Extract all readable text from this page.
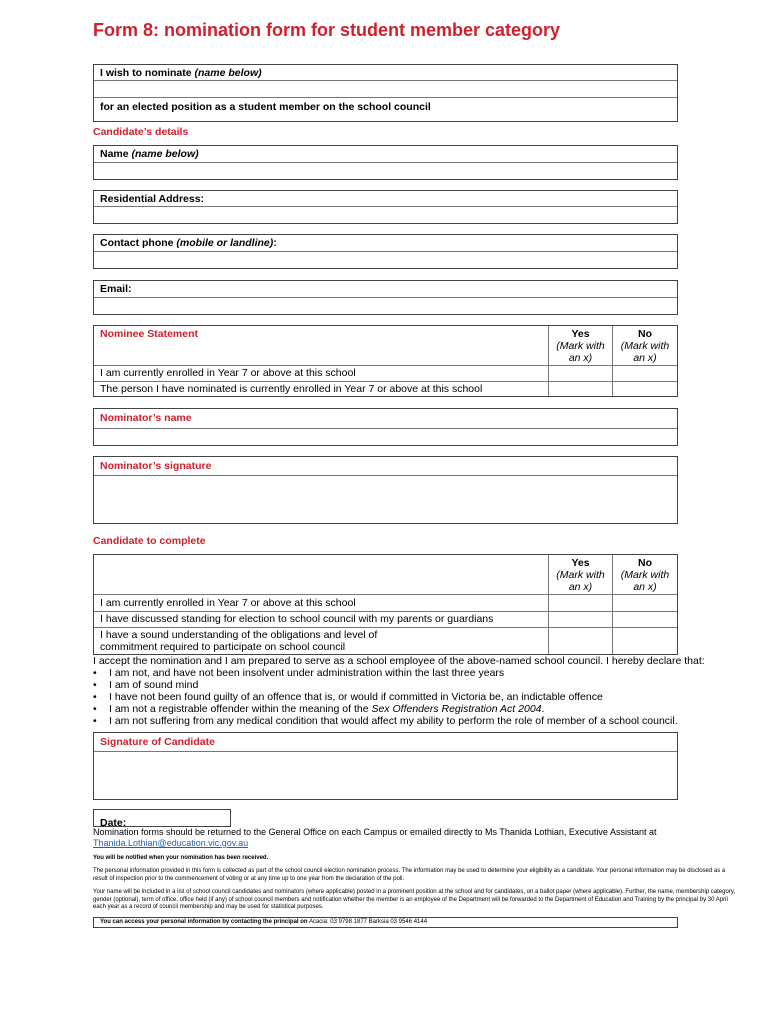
Form 8: nomination form for student member category
I wish to nominate (name below)
for an elected position as a student member on the school council
Candidate’s details
Name (name below)
Residential Address:
Contact phone (mobile or landline):
Email:
Nominee Statement	Yes
(Mark with an x)
No
(Mark with an x)
I am currently enrolled in Year 7 or above at this school
The person I have nominated is currently enrolled in Year 7 or above at this school
Nominator’s name
Nominator’s signature
Candidate to complete
Yes
(Mark with an x)
No
(Mark with an x)
I am currently enrolled in Year 7 or above at this school
I have discussed standing for election to school council with my parents or guardians
I have a sound understanding of the obligations and level of commitment required to participate on school council
I accept the nomination and I am prepared to serve as a school employee of the above-named school council. I hereby declare that:
• I am not, and have not been insolvent under administration within the last three years
• I am of sound mind
• I have not been found guilty of an offence that is, or would if committed in Victoria be, an indictable offence
• I am not a registrable offender within the meaning of the Sex Offenders Registration Act 2004.
• I am not suffering from any medical condition that would affect my ability to perform the role of member of a school council.
Signature of Candidate
Date:
Nomination forms should be returned to the General Office on each Campus or emailed directly to Ms Thanida Lothian, Executive Assistant at
Thanida.Lothian@education.vic.gov.au
You will be notified when your nomination has been received.
The personal information provided in this form is collected as part of the school council election nomination process. The information may be used to determine your eligibility as a candidate. Your personal information may be disclosed as a result of inspection prior to the commencement of voting or at any time up to one year from the declaration of the poll.
Your name will be included in a list of school council candidates and nominators (where applicable) posted in a prominent position at the school and for candidates, on a ballot paper (where applicable). Further, the name, membership category, gender (optional), term of office, office held (if any) of school council members and notification whether the member is an employee of the Department will be forwarded to the Department of Education and Training by the principal by 30 April each year as a record of council membership and may be used for statistical purposes.
You can access your personal information by contacting the principal on Acacia: 03 9798 1877 Barksia 03 9546 4144
